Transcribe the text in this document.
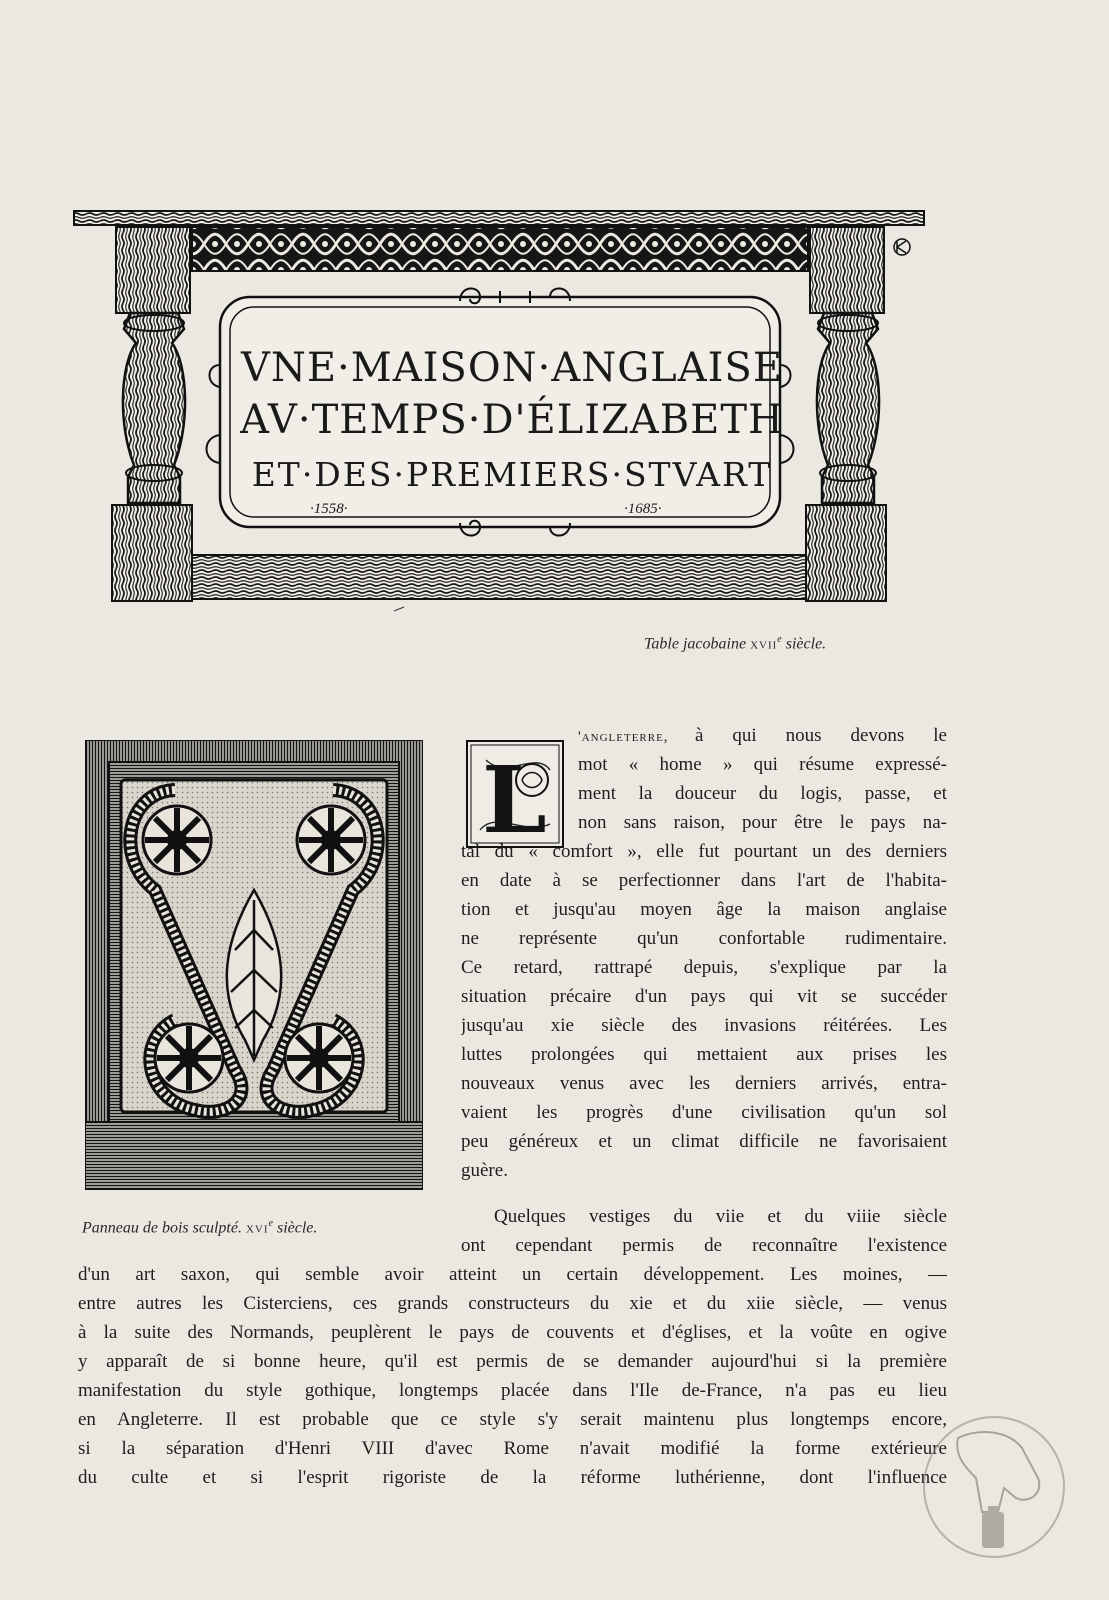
VNE·MAISON·ANGLAISE
AV·TEMPS·D'ÉLIZABETH
ET·DES·PREMIERS·STVART
·1558·	·1685·
Table jacobaine xvii$^e$ siècle.
Panneau de bois sculpté. xvi$^e$ siècle.
L
'angleterre,	à qui nous devons le
mot « home » qui résume expressé-
ment la douceur du logis, passe, et
non sans raison, pour être le pays na-
tal du « comfort », elle fut pourtant un des derniers
en date à se perfectionner dans l'art de l'habita-
tion et jusqu'au moyen âge la maison anglaise
ne représente qu'un confortable rudimentaire.
Ce retard, rattrapé depuis, s'explique par la
situation précaire d'un pays qui vit se succéder
jusqu'au xie siècle des invasions réitérées. Les
luttes prolongées qui mettaient aux prises les
nouveaux venus avec les derniers arrivés, entra-
vaient les progrès d'une civilisation qu'un sol
peu généreux et un climat difficile ne favorisaient
guère.
Quelques vestiges du viie et du viiie siècle
ont cependant permis de reconnaître l'existence
d'un art saxon, qui semble avoir atteint un certain développement. Les moines, —
entre autres les Cisterciens, ces grands constructeurs du xie et du xiie siècle, — venus
à la suite des Normands, peuplèrent le pays de couvents et d'églises, et la voûte en ogive
y apparaît de si bonne heure, qu'il est permis de se demander aujourd'hui si la première
manifestation du style gothique, longtemps placée dans l'Ile de-France, n'a pas eu lieu
en Angleterre. Il est probable que ce style s'y serait maintenu plus longtemps encore,
si la séparation d'Henri VIII d'avec Rome n'avait modifié la forme extérieure
du culte et si l'esprit rigoriste de la réforme luthérienne, dont l'influence
